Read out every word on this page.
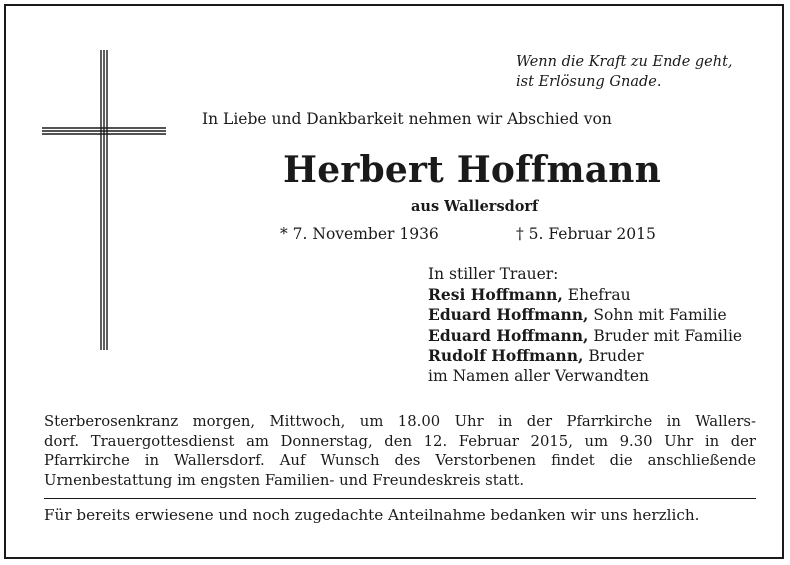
Wenn die Kraft zu Ende geht,
ist Erlösung Gnade.
In Liebe und Dankbarkeit nehmen wir Abschied von
Herbert Hoffmann
aus Wallersdorf
* 7. November 1936	† 5. Februar 2015
In stiller Trauer:
Resi Hoffmann, Ehefrau
Eduard Hoffmann, Sohn mit Familie
Eduard Hoffmann, Bruder mit Familie
Rudolf Hoffmann, Bruder
im Namen aller Verwandten
Sterberosenkranz morgen, Mittwoch, um 18.00 Uhr in der Pfarrkirche in Wallers-
dorf. Trauergottesdienst am Donnerstag, den 12. Februar 2015, um 9.30 Uhr in der
Pfarrkirche in Wallersdorf. Auf Wunsch des Verstorbenen findet die anschließende
Urnenbestattung im engsten Familien- und Freundeskreis statt.
Für bereits erwiesene und noch zugedachte Anteilnahme bedanken wir uns herzlich.
